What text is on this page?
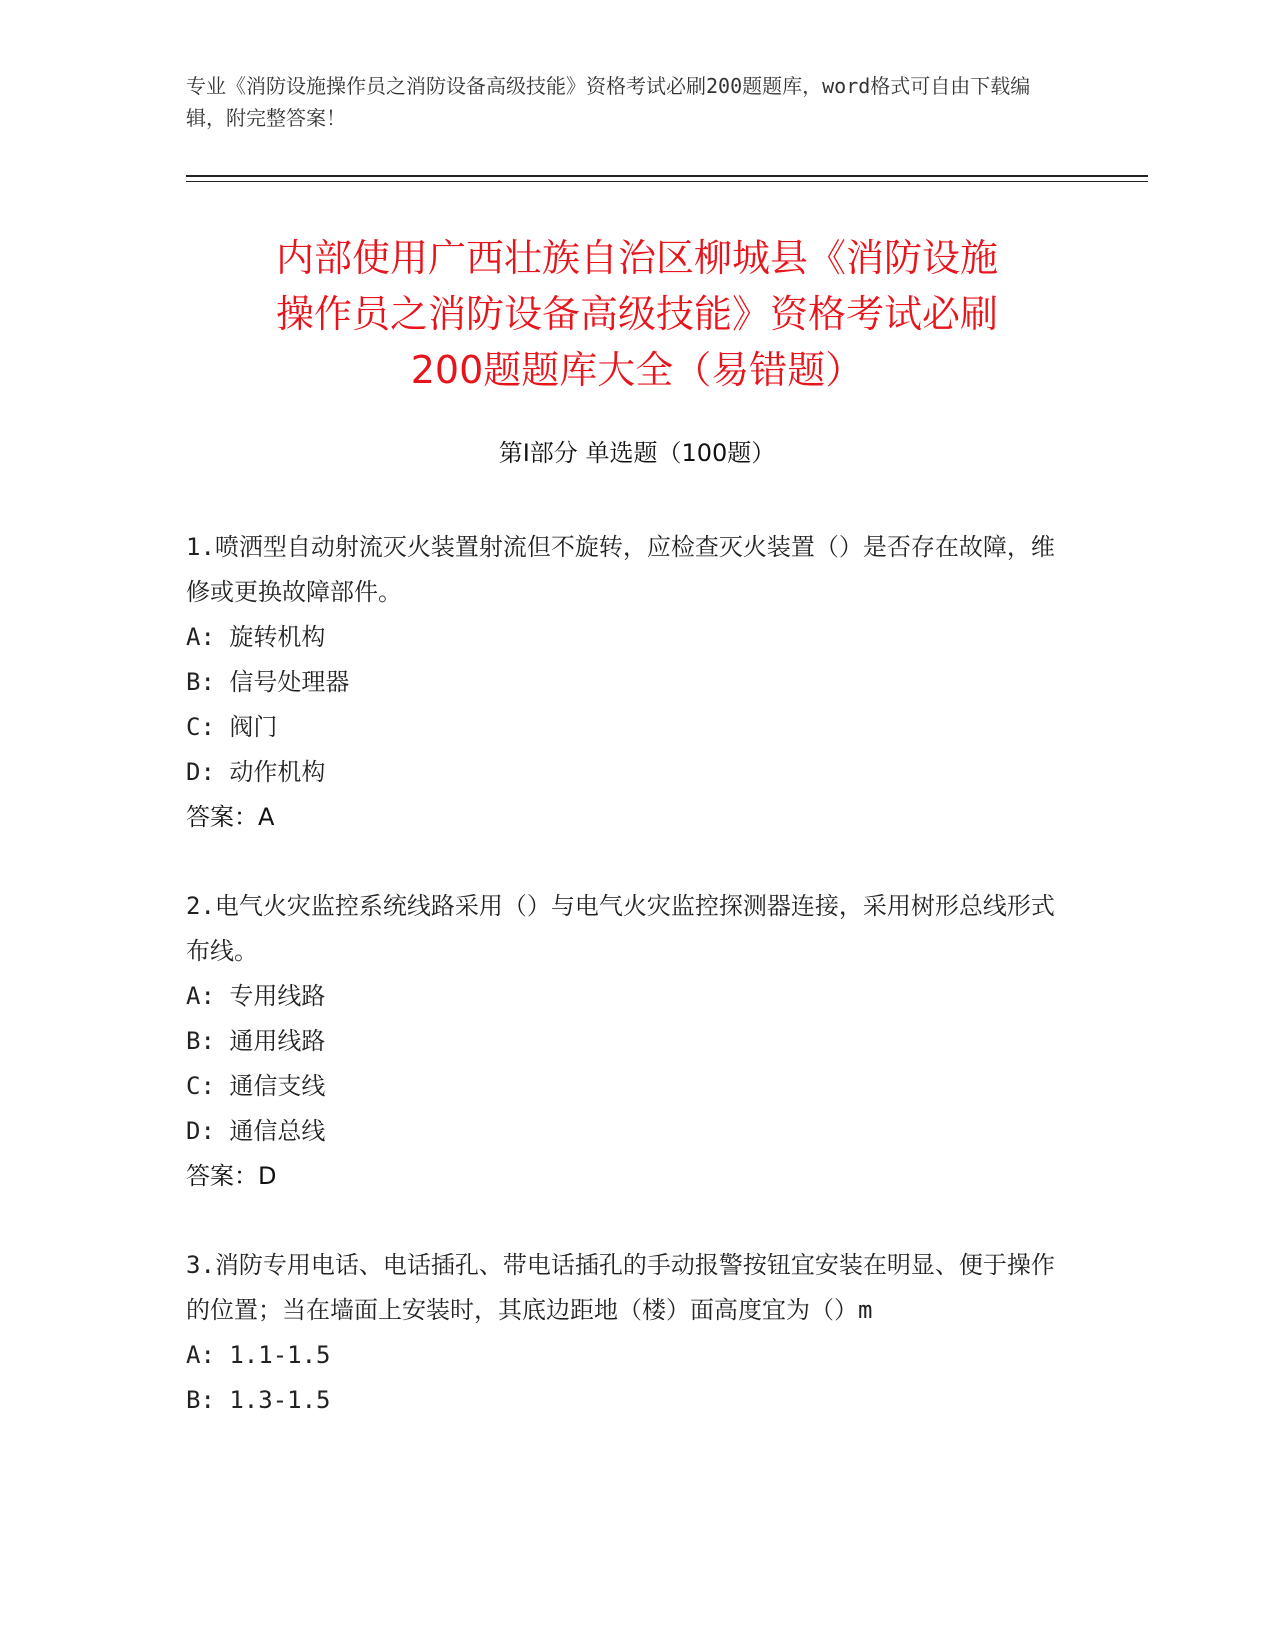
专业《消防设施操作员之消防设备高级技能》资格考试必刷200题题库，word格式可自由下载编辑，附完整答案！
内部使用广西壮族自治区柳城县《消防设施
操作员之消防设备高级技能》资格考试必刷
200题题库大全（易错题）
第Ⅰ部分 单选题（100题）

1.喷洒型自动射流灭火装置射流但不旋转，应检查灭火装置（）是否存在故障，维修或更换故障部件。

A: 旋转机构

B: 信号处理器

C: 阀门

D: 动作机构

答案：A

2.电气火灾监控系统线路采用（）与电气火灾监控探测器连接，采用树形总线形式布线。

A: 专用线路

B: 通用线路

C: 通信支线

D: 通信总线

答案：D

3.消防专用电话、电话插孔、带电话插孔的手动报警按钮宜安装在明显、便于操作的位置；当在墙面上安装时，其底边距地（楼）面高度宜为（）m

A: 1.1-1.5

B: 1.3-1.5
